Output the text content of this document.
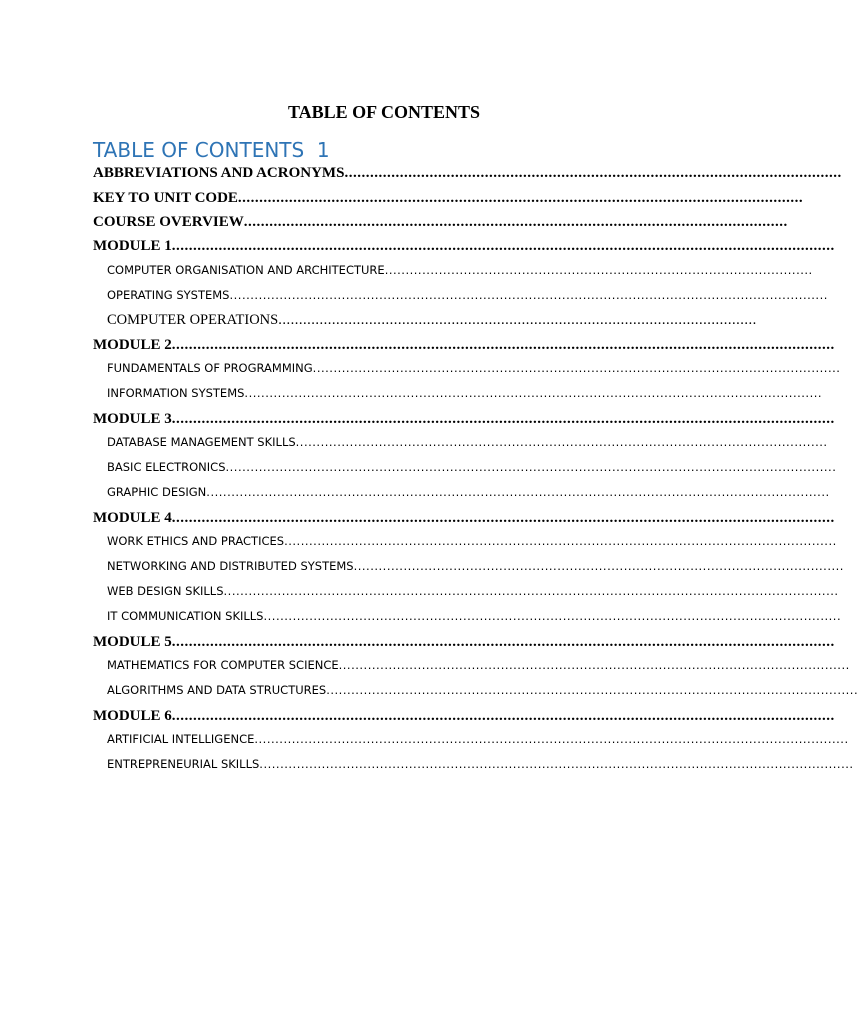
TABLE OF CONTENTS
TABLE OF CONTENTS  1
ABBREVIATIONS AND ACRONYMS .....................................................................................................................
KEY TO UNIT CODE .....................................................................................................................................
COURSE OVERVIEW ................................................................................................................................
MODULE 1 ............................................................................................................................................................
COMPUTER ORGANISATION AND ARCHITECTURE .......................................................................................................
OPERATING SYSTEMS ................................................................................................................................................
COMPUTER OPERATIONS ....................................................................................................................
MODULE 2 ............................................................................................................................................................
FUNDAMENTALS OF PROGRAMMING ...............................................................................................................................
INFORMATION SYSTEMS ...........................................................................................................................................
MODULE 3 ............................................................................................................................................................
DATABASE MANAGEMENT SKILLS ................................................................................................................................
BASIC ELECTRONICS ...................................................................................................................................................
GRAPHIC DESIGN ......................................................................................................................................................
MODULE 4 ............................................................................................................................................................
WORK ETHICS AND PRACTICES .....................................................................................................................................
NETWORKING AND DISTRIBUTED SYSTEMS ......................................................................................................................
WEB DESIGN SKILLS ....................................................................................................................................................
IT COMMUNICATION SKILLS ...........................................................................................................................................
MODULE 5 ............................................................................................................................................................
MATHEMATICS FOR COMPUTER SCIENCE ...........................................................................................................................
ALGORITHMS AND DATA STRUCTURES ................................................................................................................................
MODULE 6 ............................................................................................................................................................
ARTIFICIAL INTELLIGENCE ...............................................................................................................................................
ENTREPRENEURIAL SKILLS ...............................................................................................................................................
